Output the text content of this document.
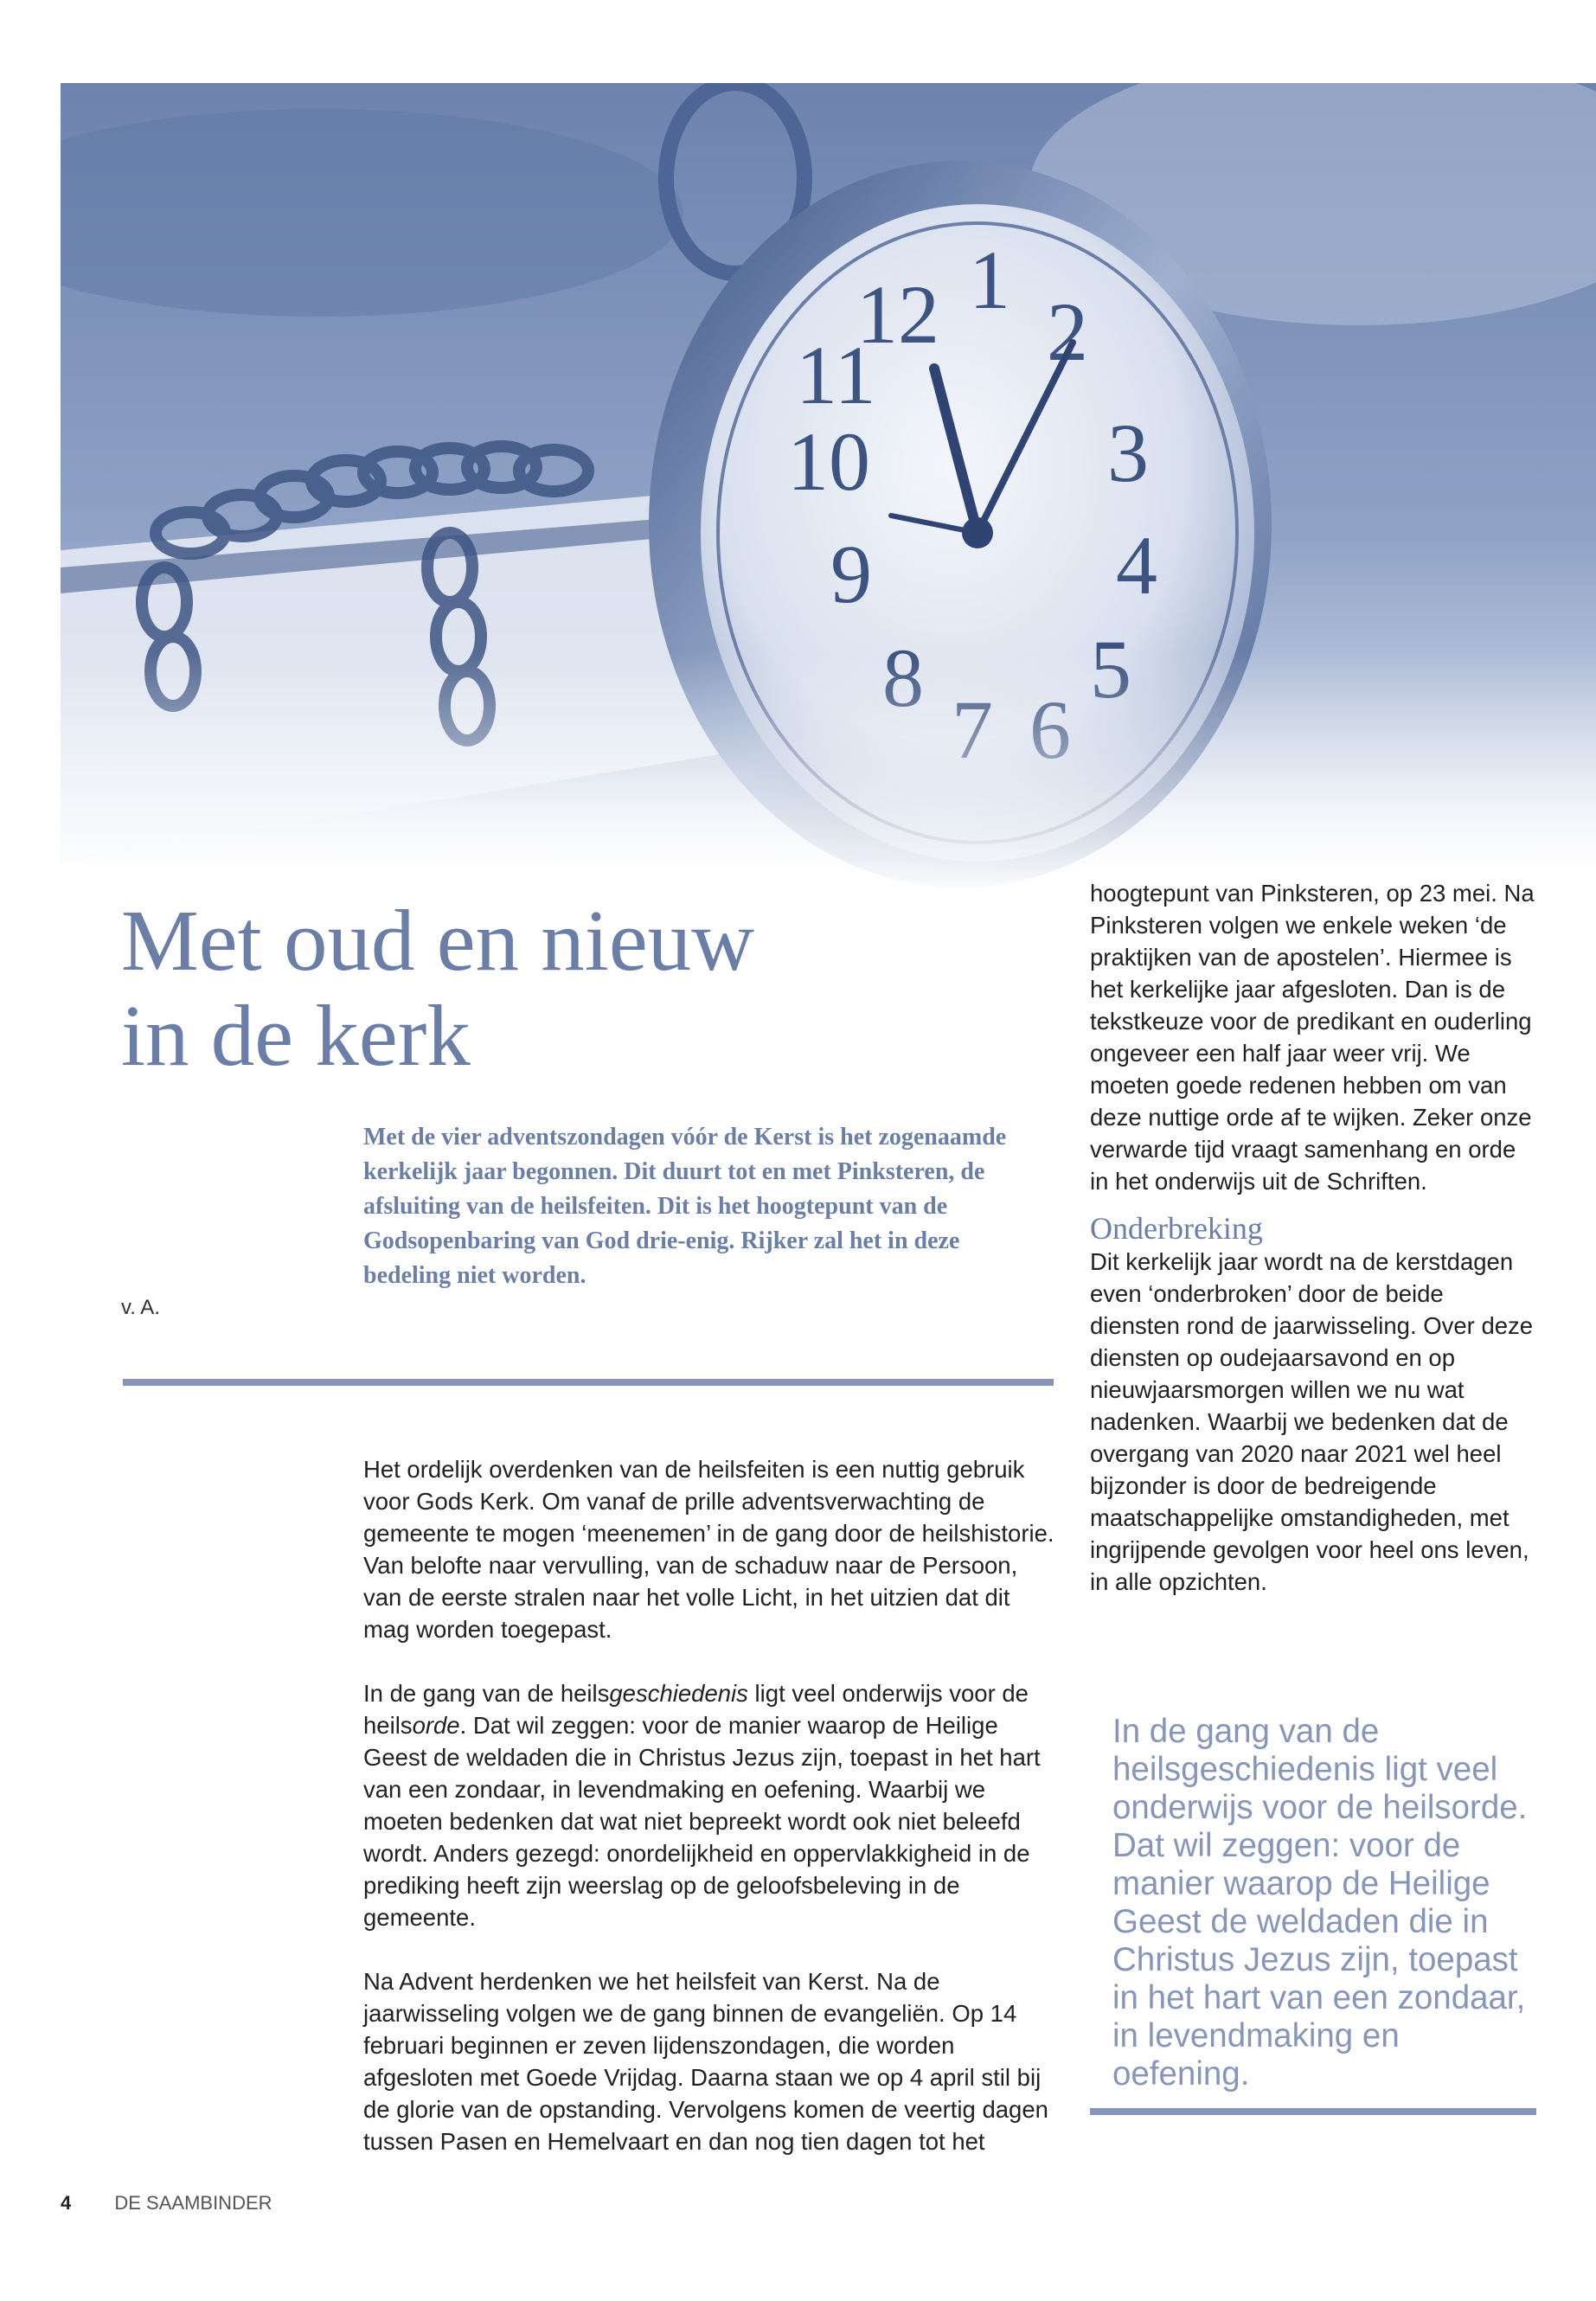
Met oud en nieuw
in de kerk
v. A.

Met de vier adventszondagen vóór de Kerst is het zogenaamde kerkelijk jaar begonnen. Dit duurt tot en met Pinksteren, de afsluiting van de heilsfeiten. Dit is het hoogtepunt van de Godsopenbaring van God drie-enig. Rijker zal het in deze bedeling niet worden.

Het ordelijk overdenken van de heilsfeiten is een nuttig gebruik voor Gods Kerk. Om vanaf de prille adventsverwachting de gemeente te mogen ‘meenemen’ in de gang door de heilshistorie. Van belofte naar vervulling, van de schaduw naar de Persoon, van de eerste stralen naar het volle Licht, in het uitzien dat dit mag worden toegepast.

In de gang van de heilsgeschiedenis ligt veel onderwijs voor de heilsorde. Dat wil zeggen: voor de manier waarop de Heilige Geest de weldaden die in Christus Jezus zijn, toepast in het hart van een zondaar, in levendmaking en oefening. Waarbij we moeten bedenken dat wat niet bepreekt wordt ook niet beleefd wordt. Anders gezegd: onordelijkheid en oppervlakkigheid in de prediking heeft zijn weerslag op de geloofsbeleving in de gemeente.

Na Advent herdenken we het heilsfeit van Kerst. Na de jaarwisseling volgen we de gang binnen de evangeliën. Op 14 februari beginnen er zeven lijdenszondagen, die worden afgesloten met Goede Vrijdag. Daarna staan we op 4 april stil bij de glorie van de opstanding. Vervolgens komen de veertig dagen tussen Pasen en Hemelvaart en dan nog tien dagen tot het

hoogtepunt van Pinksteren, op 23 mei. Na Pinksteren volgen we enkele weken ‘de praktijken van de apostelen’. Hiermee is het kerkelijke jaar afgesloten. Dan is de tekstkeuze voor de predikant en ouderling ongeveer een half jaar weer vrij. We moeten goede redenen hebben om van deze nuttige orde af te wijken. Zeker onze verwarde tijd vraagt samenhang en orde in het onderwijs uit de Schriften.

Onderbreking

Dit kerkelijk jaar wordt na de kerstdagen even ‘onderbroken’ door de beide diensten rond de jaarwisseling. Over deze diensten op oudejaarsavond en op nieuwjaarsmorgen willen we nu wat nadenken. Waarbij we bedenken dat de overgang van 2020 naar 2021 wel heel bijzonder is door de bedreigende maatschappelijke omstandigheden, met ingrijpende gevolgen voor heel ons leven, in alle opzichten.

In de gang van de heilsgeschiedenis ligt veel onderwijs voor de heilsorde. Dat wil zeggen: voor de manier waarop de Heilige Geest de weldaden die in Christus Jezus zijn, toepast in het hart van een zondaar, in levendmaking en oefening.

4 DE SAAMBINDER
